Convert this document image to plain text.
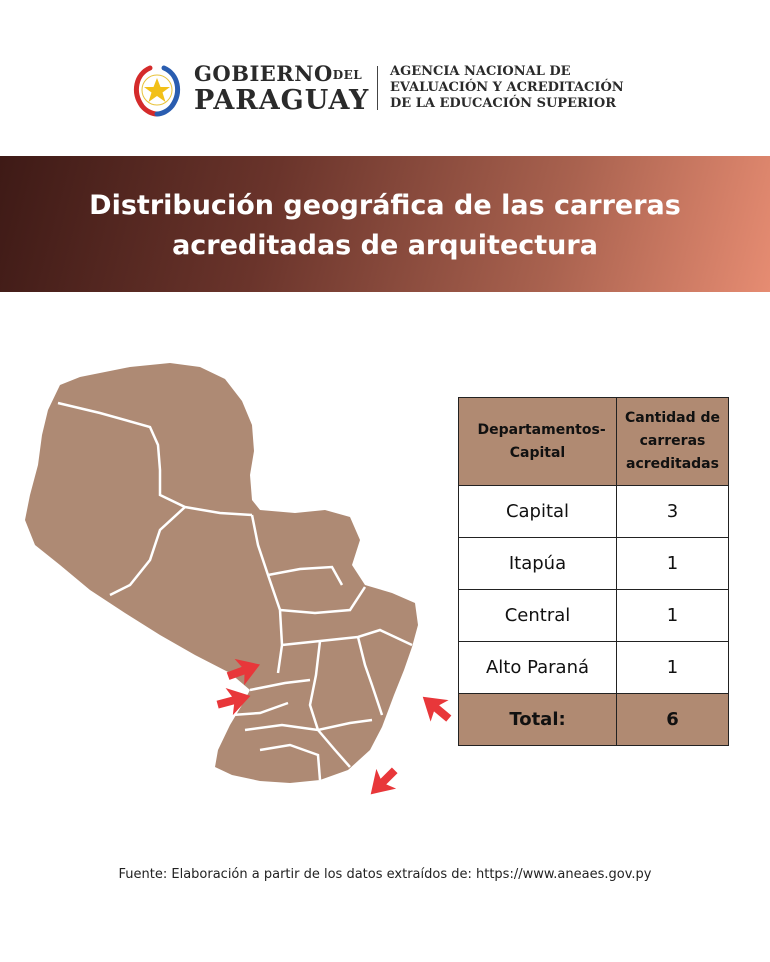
GOBIERNODEL
PARAGUAY
AGENCIA NACIONAL DE
EVALUACIÓN Y ACREDITACIÓN
DE LA EDUCACIÓN SUPERIOR
Distribución geográfica de las carreras
acreditadas de arquitectura
Departamentos-Capital	Cantidad de carreras acreditadas

Capital	3
Itapúa	1
Central	1
Alto Paraná	1
Total:	6
Fuente: Elaboración a partir de los datos extraídos de: https://www.aneaes.gov.py
